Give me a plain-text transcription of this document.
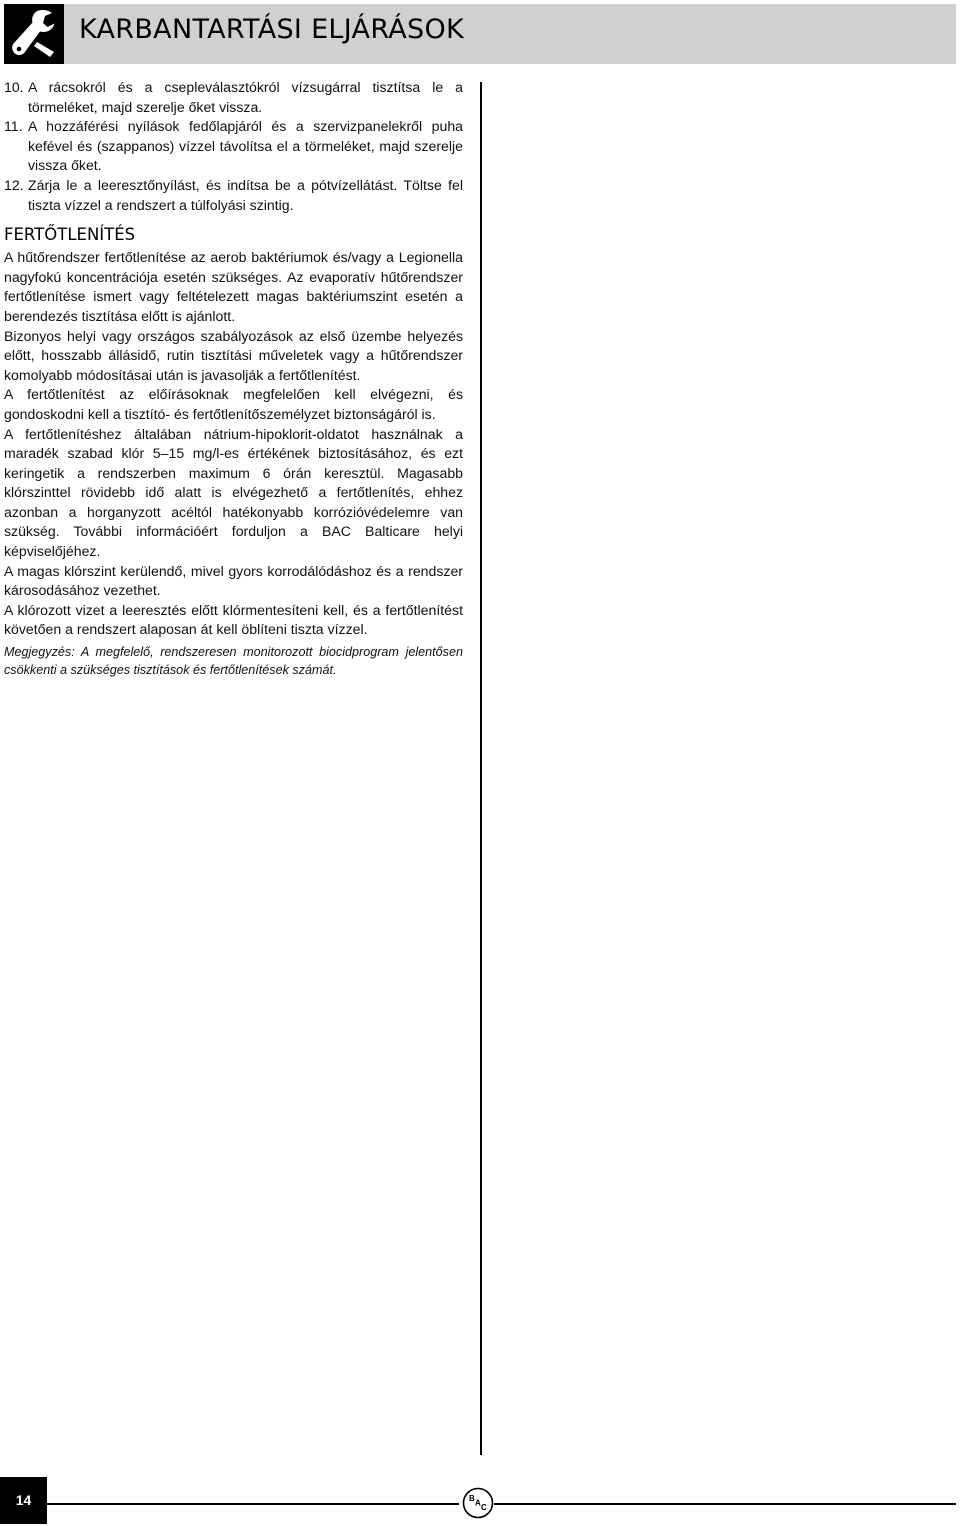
KARBANTARTÁSI ELJÁRÁSOK
10. A rácsokról és a csepleválasztókról vízsugárral tisztítsa le a törmeléket, majd szerelje őket vissza.
11. A hozzáférési nyílások fedőlapjáról és a szervizpanelekről puha kefével és (szappanos) vízzel távolítsa el a törmeléket, majd szerelje vissza őket.
12. Zárja le a leeresztőnyílást, és indítsa be a pótvízellátást. Töltse fel tiszta vízzel a rendszert a túlfolyási szintig.
FERTŐTLENÍTÉS

A hűtőrendszer fertőtlenítése az aerob baktériumok és/vagy a Legionella nagyfokú koncentrációja esetén szükséges. Az evaporatív hűtőrendszer fertőtlenítése ismert vagy feltételezett magas baktériumszint esetén a berendezés tisztítása előtt is ajánlott.

Bizonyos helyi vagy országos szabályozások az első üzembe helyezés előtt, hosszabb állásidő, rutin tisztítási műveletek vagy a hűtőrendszer komolyabb módosításai után is javasolják a fertőtlenítést.

A fertőtlenítést az előírásoknak megfelelően kell elvégezni, és gondoskodni kell a tisztító- és fertőtlenítőszemélyzet biztonságáról is.

A fertőtlenítéshez általában nátrium-hipoklorit-oldatot használnak a maradék szabad klór 5–15 mg/l-es értékének biztosításához, és ezt keringetik a rendszerben maximum 6 órán keresztül. Magasabb klórszinttel rövidebb idő alatt is elvégezhető a fertőtlenítés, ehhez azonban a horganyzott acéltól hatékonyabb korrózióvédelemre van szükség. További információért forduljon a BAC Balticare helyi képviselőjéhez.

A magas klórszint kerülendő, mivel gyors korrodálódáshoz és a rendszer károsodásához vezethet.

A klórozott vizet a leeresztés előtt klórmentesíteni kell, és a fertőtlenítést követően a rendszert alaposan át kell öblíteni tiszta vízzel.

Megjegyzés: A megfelelő, rendszeresen monitorozott biocidprogram jelentősen csökkenti a szükséges tisztítások és fertőtlenítések számát.

14	B A C
